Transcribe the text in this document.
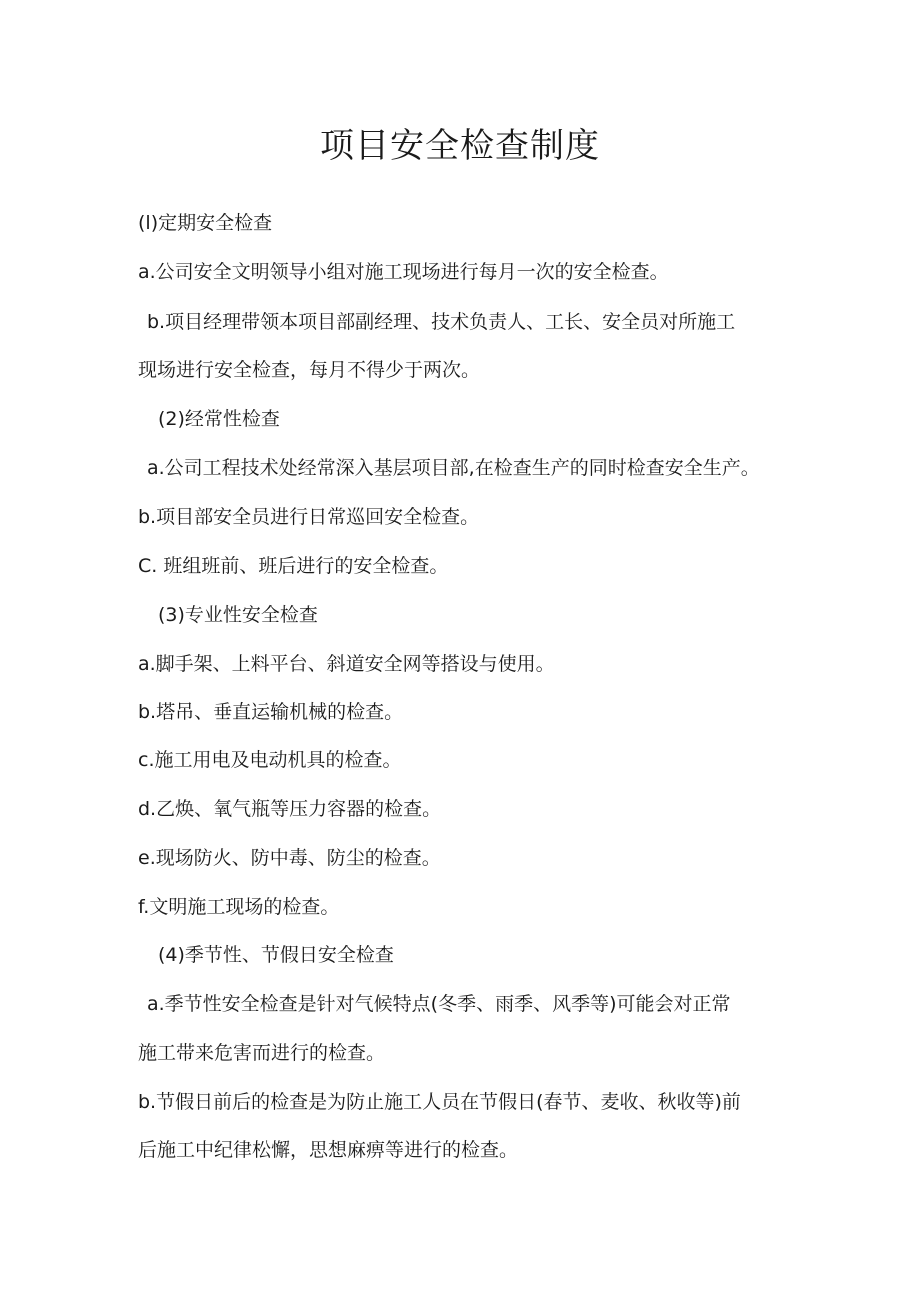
项目安全检查制度
(l)定期安全检查
a.公司安全文明领导小组对施工现场进行每月一次的安全检查。
b.项目经理带领本项目部副经理、技术负责人、工长、安全员对所施工
现场进行安全检查，每月不得少于两次。
(2)经常性检查
a.公司工程技术处经常深入基层项目部,在检查生产的同时检查安全生产。
b.项目部安全员进行日常巡回安全检查。
C. 班组班前、班后进行的安全检查。
(3)专业性安全检查
a.脚手架、上料平台、斜道安全网等搭设与使用。
b.塔吊、垂直运输机械的检查。
c.施工用电及电动机具的检查。
d.乙焕、氧气瓶等压力容器的检查。
e.现场防火、防中毒、防尘的检查。
f.文明施工现场的检查。
(4)季节性、节假日安全检查
a.季节性安全检查是针对气候特点(冬季、雨季、风季等)可能会对正常
施工带来危害而进行的检查。
b.节假日前后的检查是为防止施工人员在节假日(春节、麦收、秋收等)前
后施工中纪律松懈，思想麻痹等进行的检查。
